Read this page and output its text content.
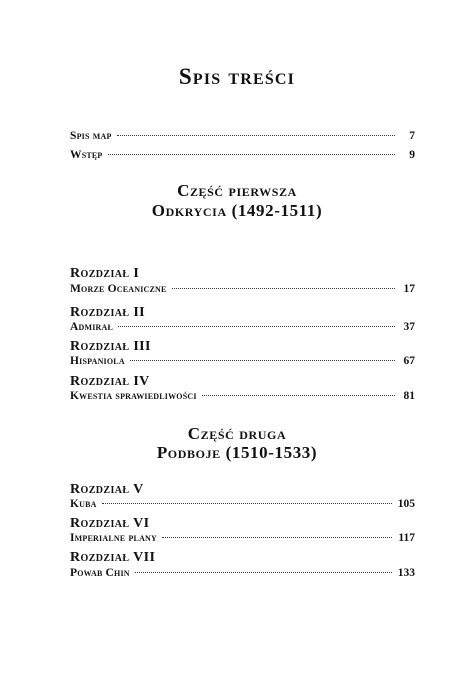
Spis treści
Spis map	7
Wstęp	9
Część pierwsza
Odkrycia (1492-1511)
Rozdział I
Morze Oceaniczne	17
Rozdział II
Admirał	37
Rozdział III
Hispaniola	67
Rozdział IV
Kwestia sprawiedliwości	81
Część druga
Podboje (1510-1533)
Rozdział V
Kuba	105
Rozdział VI
Imperialne plany	117
Rozdział VII
Powab Chin	133
